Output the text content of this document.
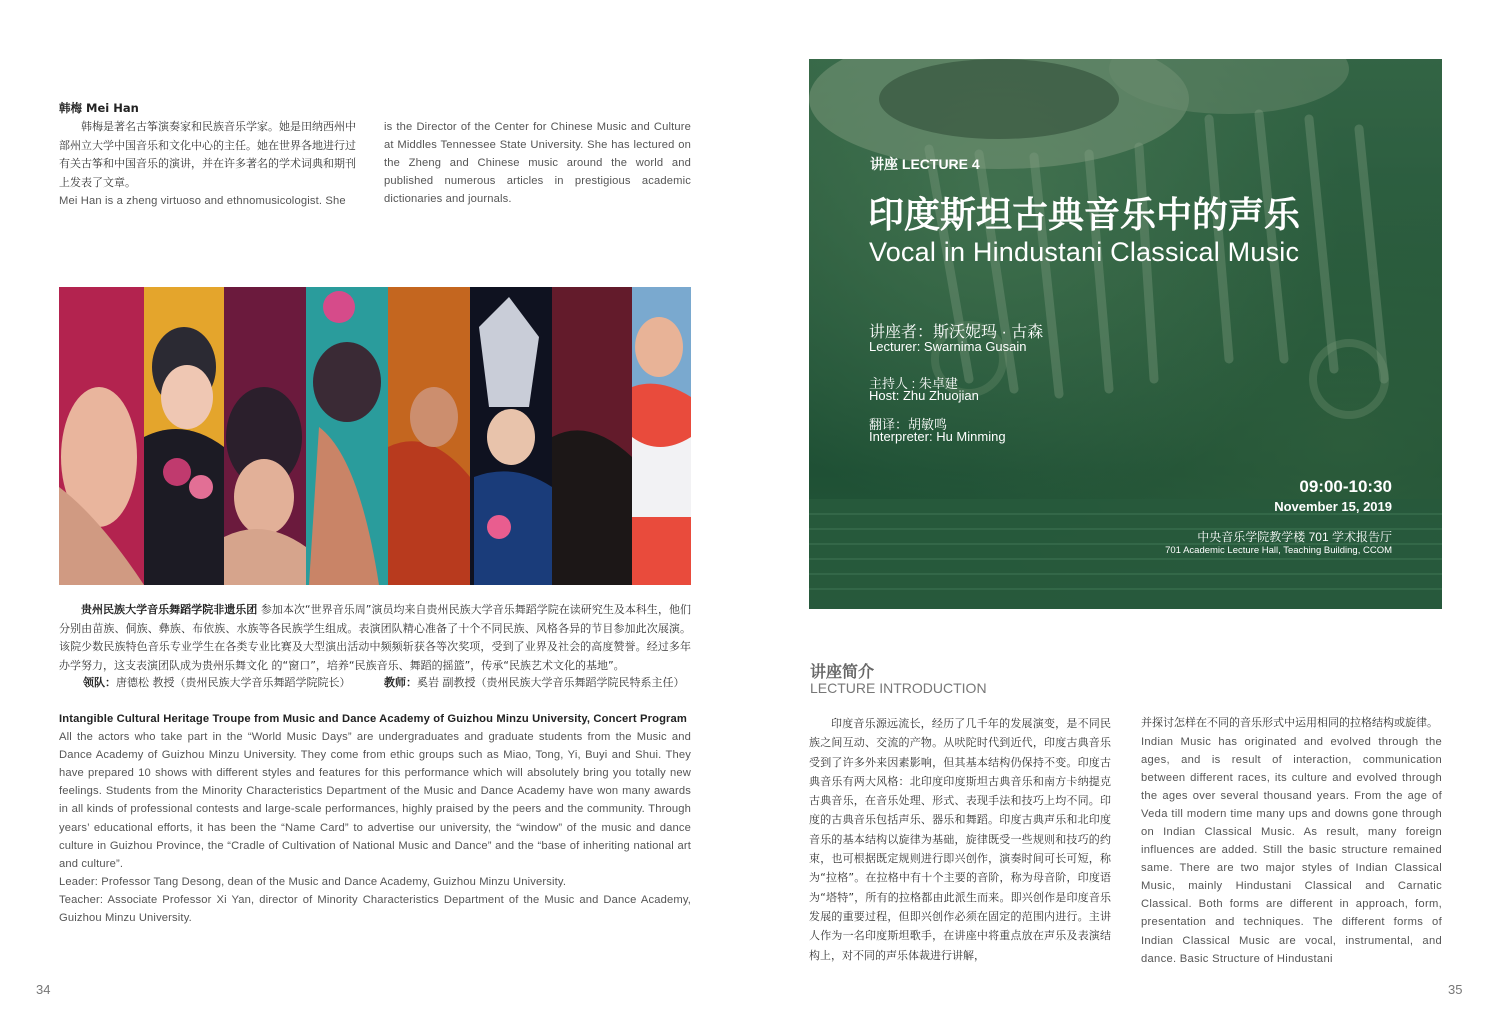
韩梅 Mei Han

韩梅是著名古筝演奏家和民族音乐学家。她是田纳西州中部州立大学中国音乐和文化中心的主任。她在世界各地进行过有关古筝和中国音乐的演讲，并在许多著名的学术词典和期刊上发表了文章。

Mei Han is a zheng virtuoso and ethnomusicologist. She

is the Director of the Center for Chinese Music and Culture at Middles Tennessee State University. She has lectured on the Zheng and Chinese music around the world and published numerous articles in prestigious academic dictionaries and journals.
贵州民族大学音乐舞蹈学院非遗乐团 参加本次“世界音乐周”演员均来自贵州民族大学音乐舞蹈学院在读研究生及本科生，他们分别由苗族、侗族、彝族、布依族、水族等各民族学生组成。表演团队精心准备了十个不同民族、风格各异的节目参加此次展演。该院少数民族特色音乐专业学生在各类专业比赛及大型演出活动中频频斩获各等次奖项，受到了业界及社会的高度赞誉。经过多年办学努力，这支表演团队成为贵州乐舞文化 的“窗口”，培养“民族音乐、舞蹈的摇篮”，传承“民族艺术文化的基地”。
领队：唐德松 教授（贵州民族大学音乐舞蹈学院院长）	教师：奚岩 副教授（贵州民族大学音乐舞蹈学院民特系主任）

Intangible Cultural Heritage Troupe from Music and Dance Academy of Guizhou Minzu University, Concert Program

All the actors who take part in the “World Music Days” are undergraduates and graduate students from the Music and Dance Academy of Guizhou Minzu University. They come from ethic groups such as Miao, Tong, Yi, Buyi and Shui. They have prepared 10 shows with different styles and features for this performance which will absolutely bring you totally new feelings. Students from the Minority Characteristics Department of the Music and Dance Academy have won many awards in all kinds of professional contests and large-scale performances, highly praised by the peers and the community. Through years’ educational efforts, it has been the “Name Card” to advertise our university, the “window” of the music and dance culture in Guizhou Province, the “Cradle of Cultivation of National Music and Dance” and the “base of inheriting national art and culture”.

Leader: Professor Tang Desong, dean of the Music and Dance Academy, Guizhou Minzu University.

Teacher: Associate Professor Xi Yan, director of Minority Characteristics Department of the Music and Dance Academy, Guizhou Minzu University.

34
讲座 LECTURE 4
印度斯坦古典音乐中的声乐
Vocal in Hindustani Classical Music
讲座者：斯沃妮玛 · 古森
Lecturer: Swarnima Gusain
主持人 : 朱卓建
Host: Zhu Zhuojian
翻译：胡敏鸣
Interpreter: Hu Minming
09:00-10:30
November 15, 2019
中央音乐学院教学楼 701 学术报告厅
701 Academic Lecture Hall, Teaching Building, CCOM
讲座简介
LECTURE INTRODUCTION
印度音乐源远流长，经历了几千年的发展演变，是不同民族之间互动、交流的产物。从吠陀时代到近代，印度古典音乐受到了许多外来因素影响，但其基本结构仍保持不变。印度古典音乐有两大风格：北印度印度斯坦古典音乐和南方卡纳提克古典音乐，在音乐处理、形式、表现手法和技巧上均不同。印度的古典音乐包括声乐、器乐和舞蹈。印度古典声乐和北印度音乐的基本结构以旋律为基础，旋律既受一些规则和技巧的约束，也可根据既定规则进行即兴创作，演奏时间可长可短，称为“拉格”。在拉格中有十个主要的音阶，称为母音阶，印度语为“塔特”，所有的拉格都由此派生而来。即兴创作是印度音乐发展的重要过程，但即兴创作必须在固定的范围内进行。主讲人作为一名印度斯坦歌手，在讲座中将重点放在声乐及表演结构上，对不同的声乐体裁进行讲解，

并探讨怎样在不同的音乐形式中运用相同的拉格结构或旋律。

Indian Music has originated and evolved through the ages, and is result of interaction, communication between different races, its culture and evolved through the ages over several thousand years. From the age of Veda till modern time many ups and downs gone through on Indian Classical Music. As result, many foreign influences are added. Still the basic structure remained same. There are two major styles of Indian Classical Music, mainly Hindustani Classical and Carnatic Classical. Both forms are different in approach, form, presentation and techniques. The different forms of Indian Classical Music are vocal, instrumental, and dance. Basic Structure of Hindustani

35
